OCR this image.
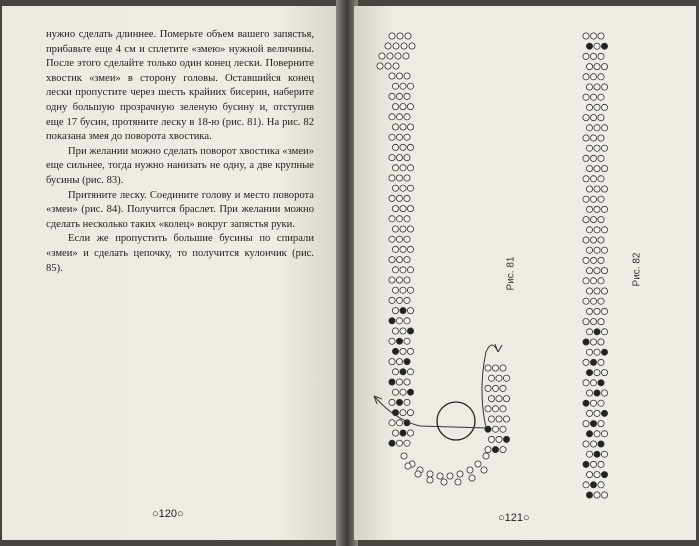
нужно сделать длиннее. Померьте объем вашего запястья, прибавьте еще 4 см и сплетите «змею» нужной величины. После этого сделайте только один конец лески. Поверните хвостик «змеи» в сторону головы. Оставшийся конец лески пропустите через шесть крайних бисерин, наберите одну большую прозрачную зеленую бусину и, отступив еще 17 бусин, протяните леску в 18-ю (рис. 81). На рис. 82 показана змея до поворота хвостика.

При желании можно сделать поворот хвостика «змеи» еще сильнее, тогда нужно нанизать не одну, а две крупные бусины (рис. 83).

Притяните леску. Соедините голову и место поворота «змеи» (рис. 84). Получится браслет. При желании можно сделать несколько таких «колец» вокруг запястья руки.

Если же пропустить большие бусины по спирали «змеи» и сделать цепочку, то получится кулончик (рис. 85).

○120○
Рис. 81	Рис. 82
○121○
